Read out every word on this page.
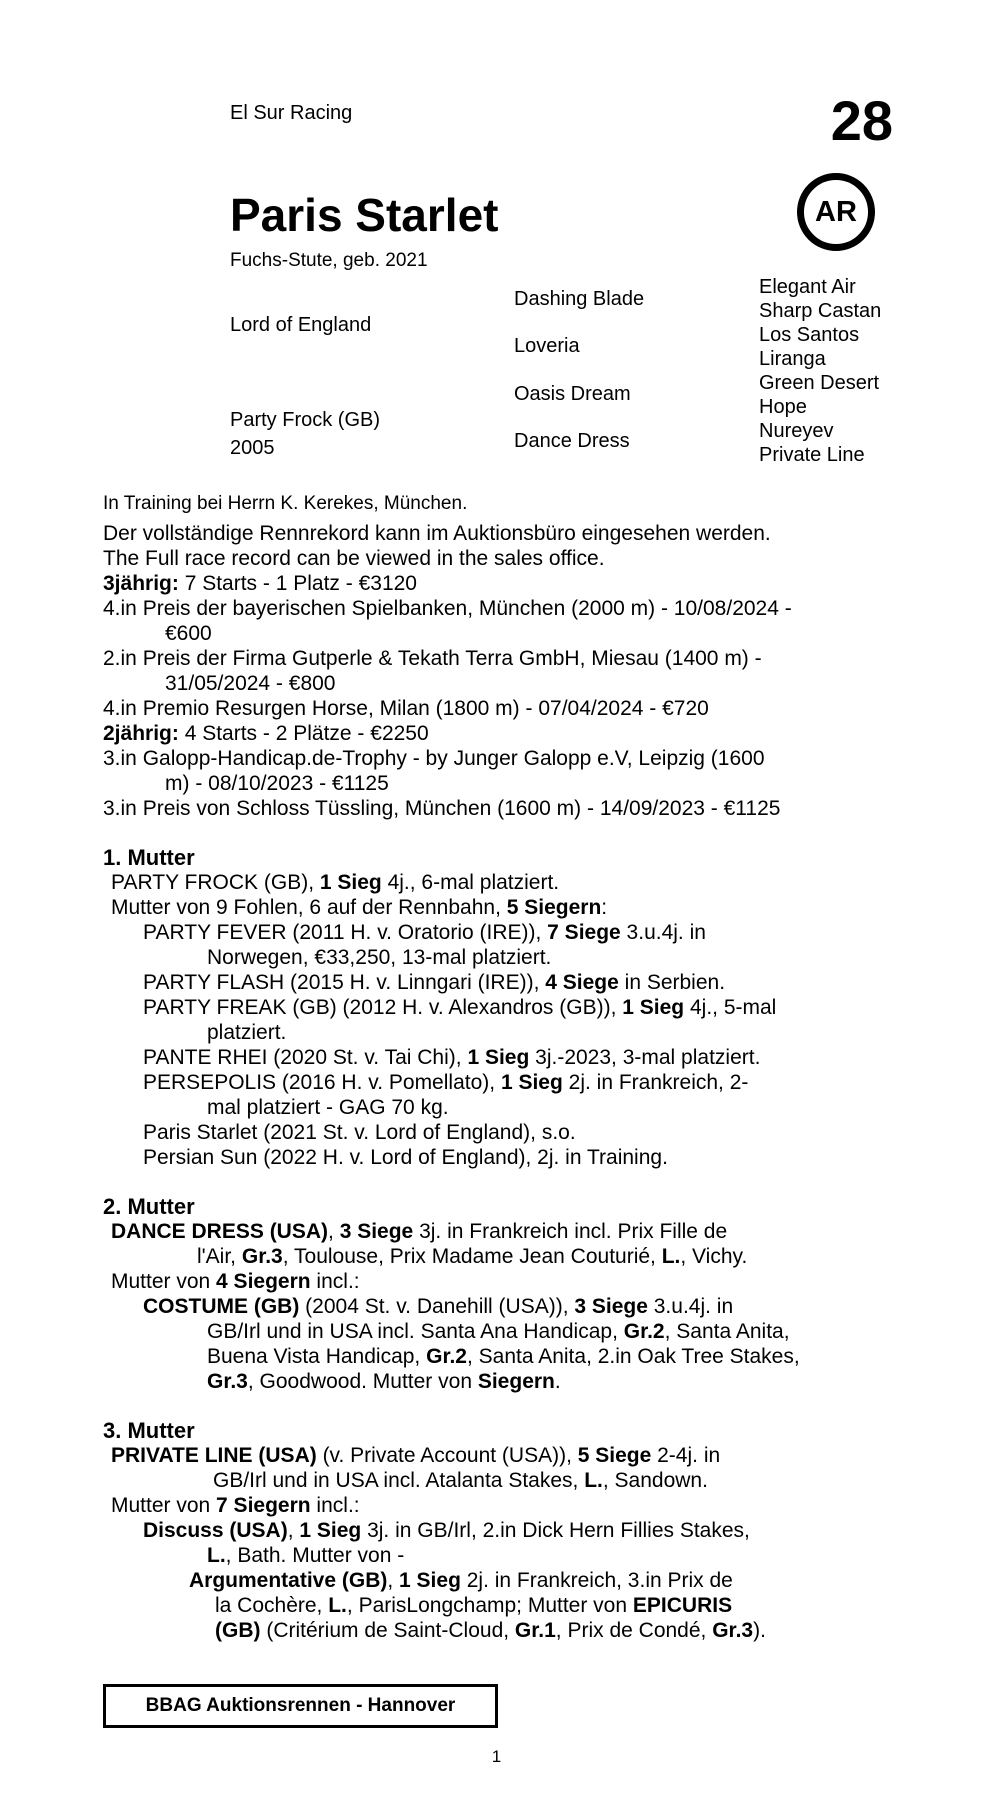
El Sur Racing	28
Paris Starlet	AR
Fuchs-Stute, geb. 2021
Lord of England
Party Frock (GB)
2005
Dashing Blade
Loveria
Oasis Dream
Dance Dress
Elegant Air
Sharp Castan
Los Santos
Liranga
Green Desert
Hope
Nureyev
Private Line

In Training bei Herrn K. Kerekes, München.

Der vollständige Rennrekord kann im Auktionsbüro eingesehen werden.

The Full race record can be viewed in the sales office.

3jährig: 7 Starts - 1 Platz - €3120

4.in Preis der bayerischen Spielbanken, München (2000 m) - 10/08/2024 -

€600

2.in Preis der Firma Gutperle & Tekath Terra GmbH, Miesau (1400 m) -

31/05/2024 - €800

4.in Premio Resurgen Horse, Milan (1800 m) - 07/04/2024 - €720

2jährig: 4 Starts - 2 Plätze - €2250

3.in Galopp-Handicap.de-Trophy - by Junger Galopp e.V, Leipzig (1600

m) - 08/10/2023 - €1125

3.in Preis von Schloss Tüssling, München (1600 m) - 14/09/2023 - €1125

1. Mutter

PARTY FROCK (GB), 1 Sieg 4j., 6-mal platziert.

Mutter von 9 Fohlen, 6 auf der Rennbahn, 5 Siegern:

PARTY FEVER (2011 H. v. Oratorio (IRE)), 7 Siege 3.u.4j. in

Norwegen, €33,250, 13-mal platziert.

PARTY FLASH (2015 H. v. Linngari (IRE)), 4 Siege in Serbien.

PARTY FREAK (GB) (2012 H. v. Alexandros (GB)), 1 Sieg 4j., 5-mal

platziert.

PANTE RHEI (2020 St. v. Tai Chi), 1 Sieg 3j.-2023, 3-mal platziert.

PERSEPOLIS (2016 H. v. Pomellato), 1 Sieg 2j. in Frankreich, 2-

mal platziert - GAG 70 kg.

Paris Starlet (2021 St. v. Lord of England), s.o.

Persian Sun (2022 H. v. Lord of England), 2j. in Training.

2. Mutter

DANCE DRESS (USA), 3 Siege 3j. in Frankreich incl. Prix Fille de

l'Air, Gr.3, Toulouse, Prix Madame Jean Couturié, L., Vichy.

Mutter von 4 Siegern incl.:

COSTUME (GB) (2004 St. v. Danehill (USA)), 3 Siege 3.u.4j. in

GB/Irl und in USA incl. Santa Ana Handicap, Gr.2, Santa Anita,

Buena Vista Handicap, Gr.2, Santa Anita, 2.in Oak Tree Stakes,

Gr.3, Goodwood. Mutter von Siegern.

3. Mutter

PRIVATE LINE (USA) (v. Private Account (USA)), 5 Siege 2-4j. in

GB/Irl und in USA incl. Atalanta Stakes, L., Sandown.

Mutter von 7 Siegern incl.:

Discuss (USA), 1 Sieg 3j. in GB/Irl, 2.in Dick Hern Fillies Stakes,

L., Bath. Mutter von -

Argumentative (GB), 1 Sieg 2j. in Frankreich, 3.in Prix de

la Cochère, L., ParisLongchamp; Mutter von EPICURIS

(GB) (Critérium de Saint-Cloud, Gr.1, Prix de Condé, Gr.3).

BBAG Auktionsrennen - Hannover
1
